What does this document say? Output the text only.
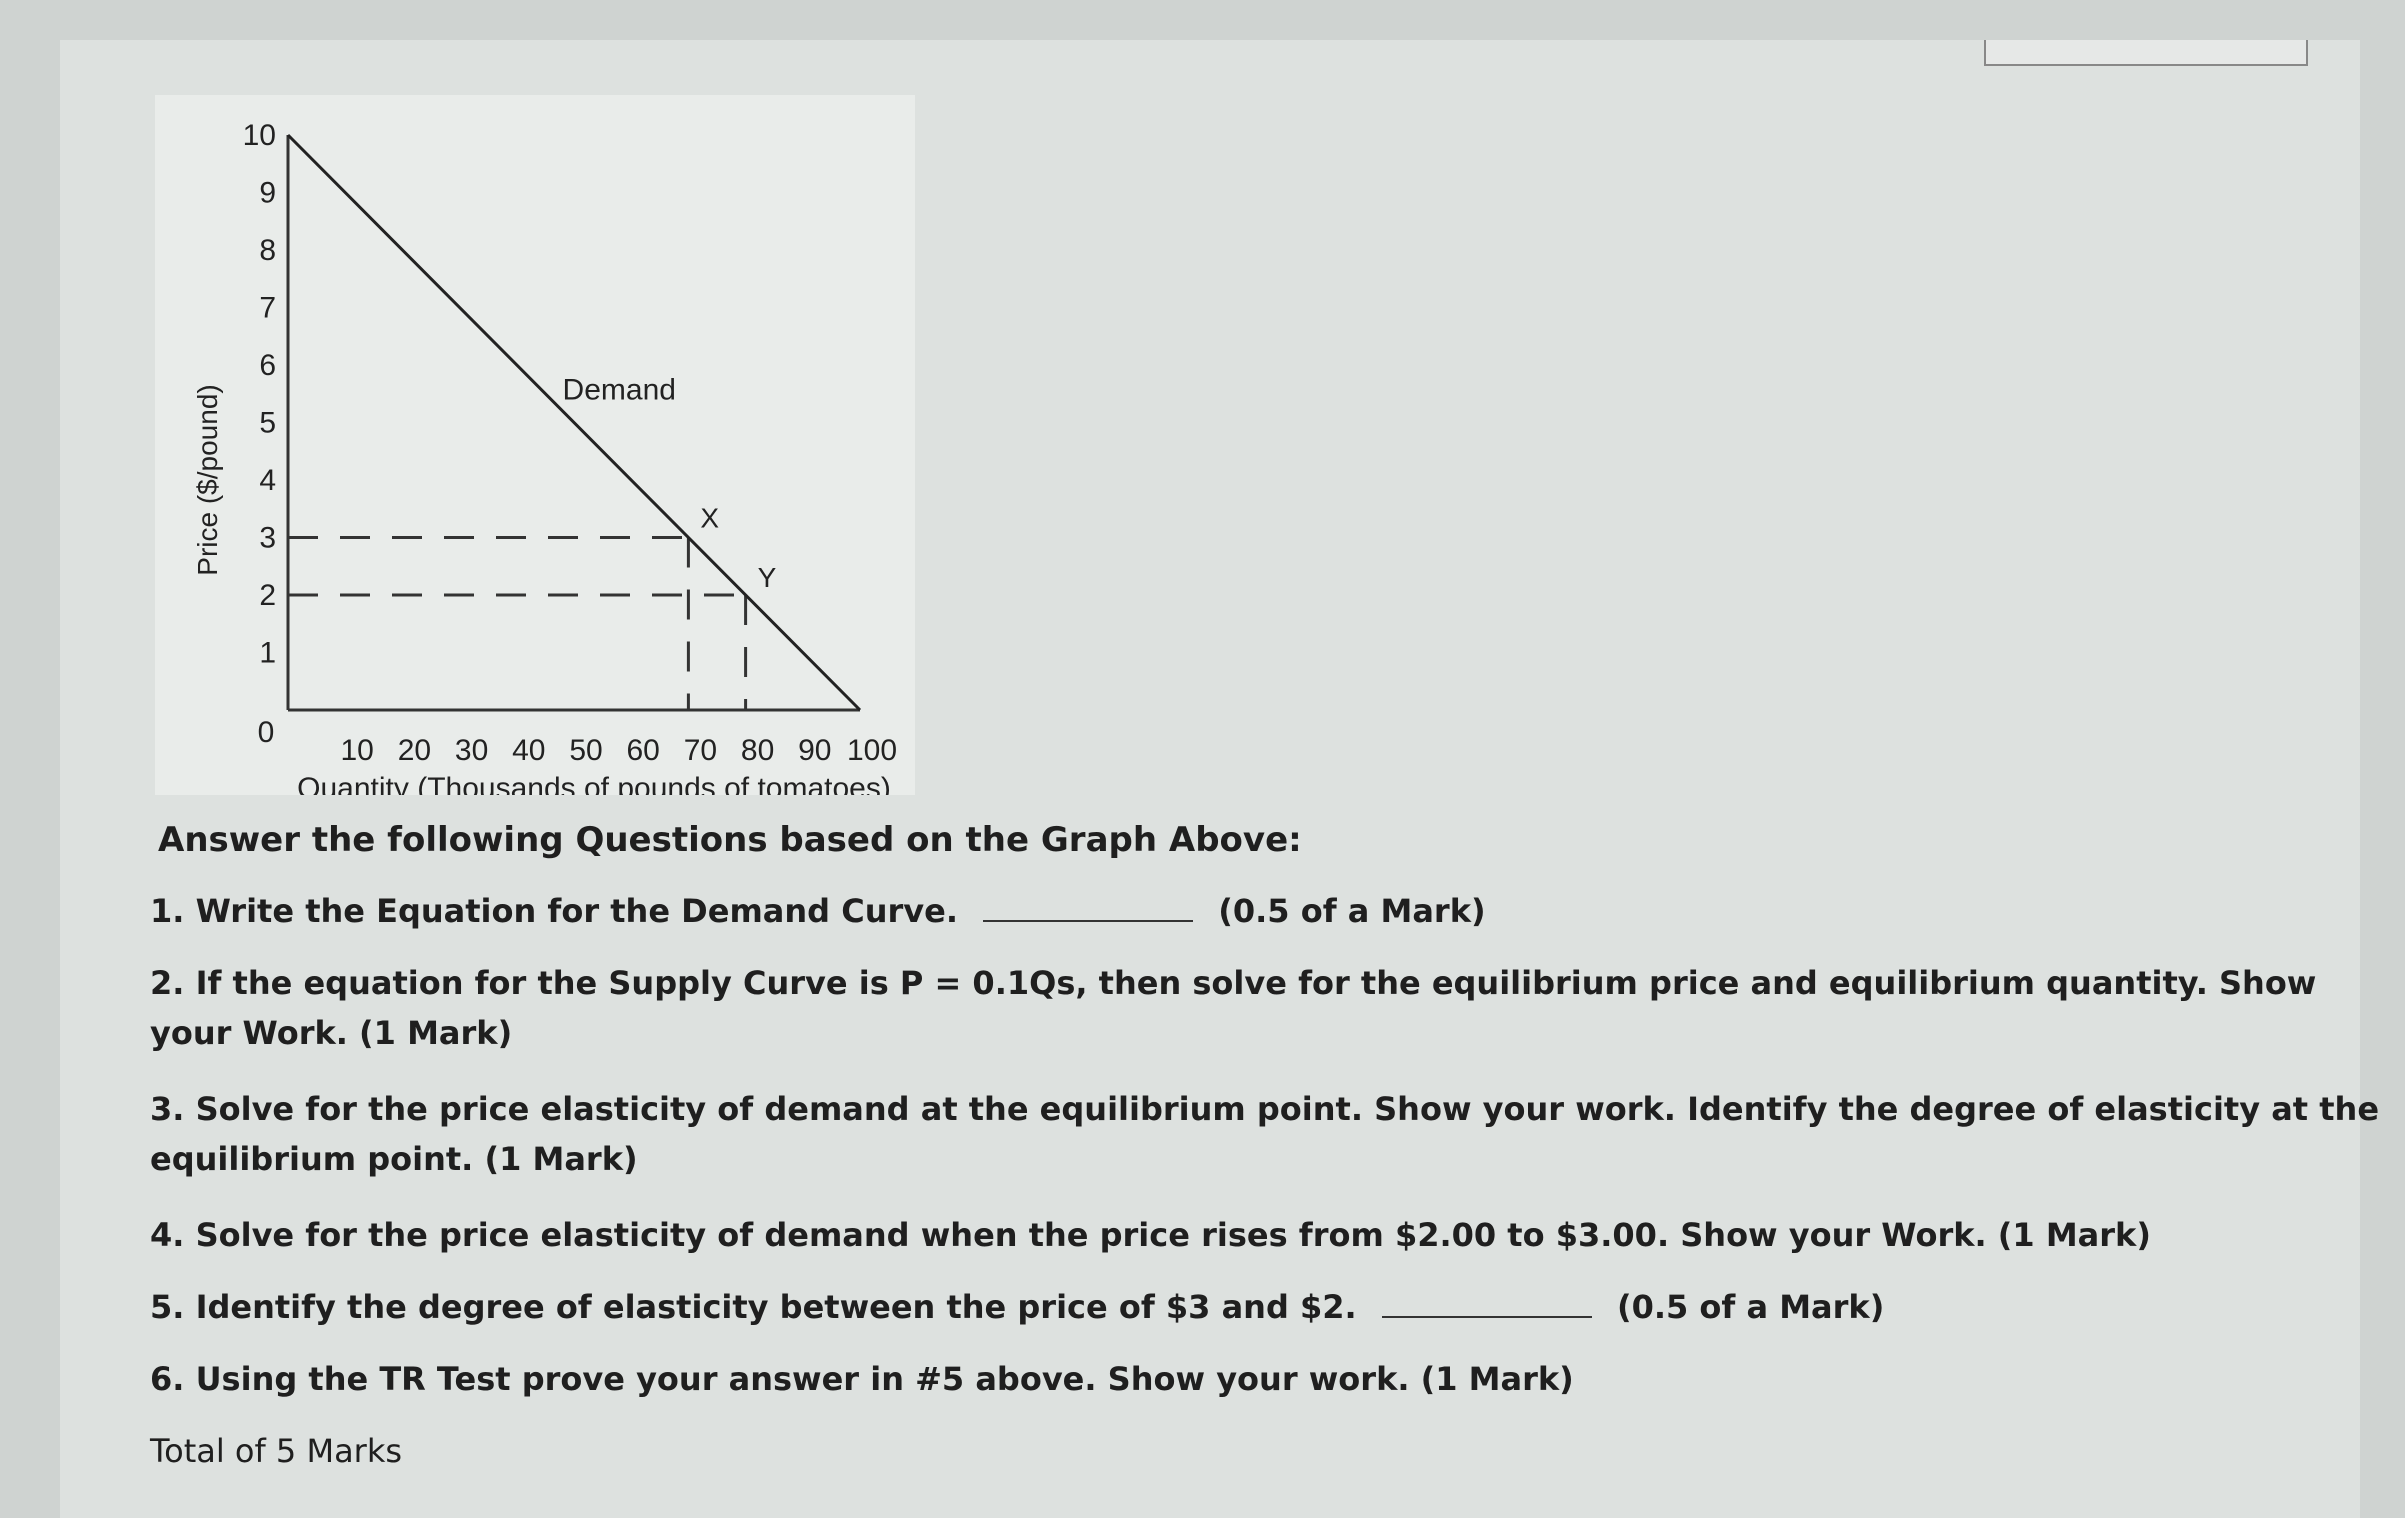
1
2
3
4
5
6
7
8
9
10
0
10 20 30 40 50 60 70 80 90 100
Demand
X
Y
Price ($/pound)
Quantity (Thousands of pounds of tomatoes)
Answer the following Questions based on the Graph Above:
1. Write the Equation for the Demand Curve.	(0.5 of a Mark)
2. If the equation for the Supply Curve is P = 0.1Qs, then solve for the equilibrium price and equilibrium quantity. Show your Work. (1 Mark)
3. Solve for the price elasticity of demand at the equilibrium point. Show your work. Identify the degree of elasticity at the equilibrium point. (1 Mark)
4. Solve for the price elasticity of demand when the price rises from $2.00 to $3.00. Show your Work. (1 Mark)
5. Identify the degree of elasticity between the price of $3 and $2.	(0.5 of a Mark)
6. Using the TR Test prove your answer in #5 above. Show your work. (1 Mark)
Total of 5 Marks
